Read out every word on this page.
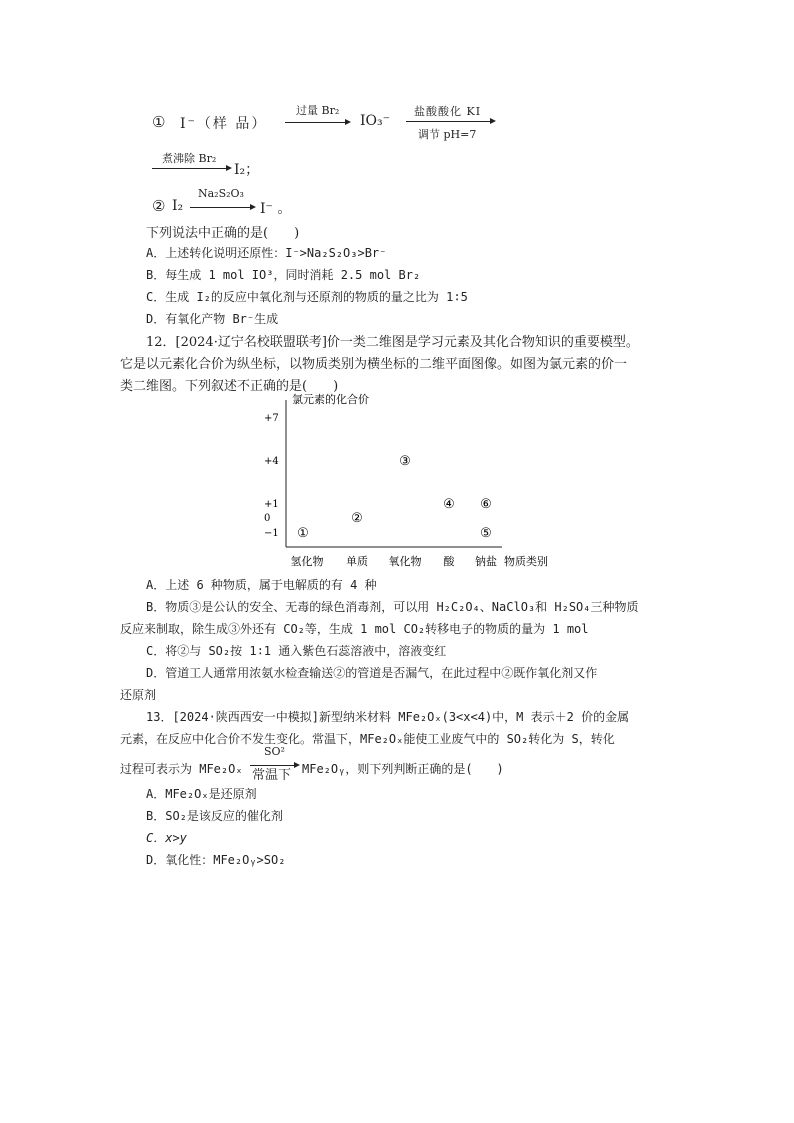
① I⁻（样 品）
过量 Br₂
IO₃⁻
盐酸酸化 KI
调节 pH=7
煮沸除 Br₂
I₂；
② I₂
Na₂S₂O₃
I⁻ 。
下列说法中正确的是(　　)
A．上述转化说明还原性：I⁻>Na₂S₂O₃>Br⁻
B．每生成 1 mol IO³，同时消耗 2.5 mol Br₂
C．生成 I₂的反应中氧化剂与还原剂的物质的量之比为 1∶5
D．有氧化产物 Br⁻生成
12．[2024·辽宁名校联盟联考]价一类二维图是学习元素及其化合物知识的重要模型。
它是以元素化合价为纵坐标，以物质类别为横坐标的二维平面图像。如图为氯元素的价一
类二维图。下列叙述不正确的是(　　)
+7
+4
+1
0
−1
氢化物 单质 氧化物 酸 钠盐
①
②
③
④ ⑥
⑤
氯元素的化合价
物质类别
A．上述 6 种物质，属于电解质的有 4 种
B．物质③是公认的安全、无毒的绿色消毒剂，可以用 H₂C₂O₄、NaClO₃和 H₂SO₄三种物质
反应来制取，除生成③外还有 CO₂等，生成 1 mol CO₂转移电子的物质的量为 1 mol
C．将②与 SO₂按 1∶1 通入紫色石蕊溶液中，溶液变红
D．管道工人通常用浓氨水检查输送②的管道是否漏气，在此过程中②既作氧化剂又作
还原剂
13．[2024·陕西西安一中模拟]新型纳米材料 MFe₂Oₓ(3<x<4)中，M 表示＋2 价的金属
元素，在反应中化合价不发生变化。常温下，MFe₂Oₓ能使工业废气中的 SO₂转化为 S，转化
过程可表示为 MFe₂Oₓ
SO²
常温下 MFe₂Oᵧ，则下列判断正确的是(　　)
A．MFe₂Oₓ是还原剂
B．SO₂是该反应的催化剂
C．x>y
D．氧化性：MFe₂Oᵧ>SO₂
